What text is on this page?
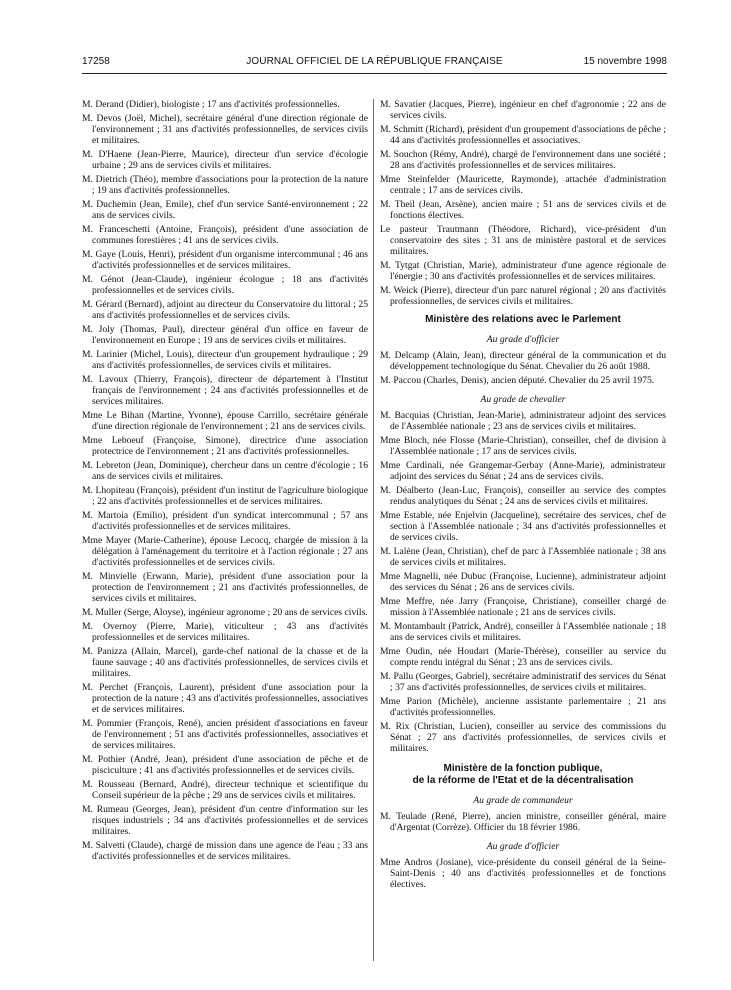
17258	JOURNAL OFFICIEL DE LA RÉPUBLIQUE FRANÇAISE	15 novembre 1998

M. Derand (Didier), biologiste ; 17 ans d'activités professionnelles.

M. Devos (Joël, Michel), secrétaire général d'une direction régionale de l'environnement ; 31 ans d'activités professionnelles, de services civils et militaires.

M. D'Haene (Jean-Pierre, Maurice), directeur d'un service d'écologie urbaine ; 29 ans de services civils et militaires.

M. Dietrich (Théo), membre d'associations pour la protection de la nature ; 19 ans d'activités professionnelles.

M. Duchemin (Jean, Emile), chef d'un service Santé-environnement ; 22 ans de services civils.

M. Franceschetti (Antoine, François), président d'une association de communes forestières ; 41 ans de services civils.

M. Gaye (Louis, Henri), président d'un organisme intercommunal ; 46 ans d'activités professionnelles et de services militaires.

M. Génot (Jean-Claude), ingénieur écologue ; 18 ans d'activités professionnelles et de services civils.

M. Gérard (Bernard), adjoint au directeur du Conservatoire du littoral ; 25 ans d'activités professionnelles et de services civils.

M. Joly (Thomas, Paul), directeur général d'un office en faveur de l'environnement en Europe ; 19 ans de services civils et militaires.

M. Larinier (Michel, Louis), directeur d'un groupement hydraulique ; 29 ans d'activités professionnelles, de services civils et militaires.

M. Lavoux (Thierry, François), directeur de département à l'Institut français de l'environnement ; 24 ans d'activités professionnelles et de services militaires.

Mme Le Bihan (Martine, Yvonne), épouse Carrillo, secrétaire générale d'une direction régionale de l'environnement ; 21 ans de services civils.

Mme Leboeuf (Françoise, Simone), directrice d'une association protectrice de l'environnement ; 21 ans d'activités professionnelles.

M. Lebreton (Jean, Dominique), chercheur dans un centre d'écologie ; 16 ans de services civils et militaires.

M. Lhopiteau (François), président d'un institut de l'agriculture biologique ; 22 ans d'activités professionnelles et de services militaires.

M. Martoia (Emilio), président d'un syndicat intercommunal ; 57 ans d'activités professionnelles et de services militaires.

Mme Mayer (Marie-Catherine), épouse Lecocq, chargée de mission à la délégation à l'aménagement du territoire et à l'action régionale ; 27 ans d'activités professionnelles et de services civils.

M. Minvielle (Erwann, Marie), président d'une association pour la protection de l'environnement ; 21 ans d'activités professionnelles, de services civils et militaires.

M. Muller (Serge, Aloyse), ingénieur agronome ; 20 ans de services civils.

M. Overnoy (Pierre, Marie), viticulteur ; 43 ans d'activités professionnelles et de services militaires.

M. Panizza (Allain, Marcel), garde-chef national de la chasse et de la faune sauvage ; 40 ans d'activités professionnelles, de services civils et militaires.

M. Perchet (François, Laurent), président d'une association pour la protection de la nature ; 43 ans d'activités professionnelles, associatives et de services militaires.

M. Pommier (François, René), ancien président d'associations en faveur de l'environnement ; 51 ans d'activités professionnelles, associatives et de services militaires.

M. Pothier (André, Jean), président d'une association de pêche et de pisciculture ; 41 ans d'activités professionnelles et de services civils.

M. Rousseau (Bernard, André), directeur technique et scientifique du Conseil supérieur de la pêche ; 29 ans de services civils et militaires.

M. Rumeau (Georges, Jean), président d'un centre d'information sur les risques industriels ; 34 ans d'activités professionnelles et de services militaires.

M. Salvetti (Claude), chargé de mission dans une agence de l'eau ; 33 ans d'activités professionnelles et de services militaires.

M. Savatier (Jacques, Pierre), ingénieur en chef d'agronomie ; 22 ans de services civils.

M. Schmitt (Richard), président d'un groupement d'associations de pêche ; 44 ans d'activités professionnelles et associatives.

M. Souchon (Rémy, André), chargé de l'environnement dans une société ; 28 ans d'activités professionnelles et de services militaires.

Mme Steinfelder (Mauricette, Raymonde), attachée d'administration centrale ; 17 ans de services civils.

M. Theil (Jean, Arsène), ancien maire ; 51 ans de services civils et de fonctions électives.

Le pasteur Trautmann (Théodore, Richard), vice-président d'un conservatoire des sites ; 31 ans de ministère pastoral et de services militaires.

M. Tytgat (Christian, Marie), administrateur d'une agence régionale de l'énergie ; 30 ans d'activités professionnelles et de services militaires.

M. Weick (Pierre), directeur d'un parc naturel régional ; 20 ans d'activités professionnelles, de services civils et militaires.

Ministère des relations avec le Parlement
Au grade d'officier

M. Delcamp (Alain, Jean), directeur général de la communication et du développement technologique du Sénat. Chevalier du 26 août 1988.

M. Paccou (Charles, Denis), ancien député. Chevalier du 25 avril 1975.

Au grade de chevalier

M. Bacquias (Christian, Jean-Marie), administrateur adjoint des services de l'Assemblée nationale ; 23 ans de services civils et militaires.

Mme Bloch, née Flosse (Marie-Christian), conseiller, chef de division à l'Assemblée nationale ; 17 ans de services civils.

Mme Cardinali, née Grangemar-Gerbay (Anne-Marie), administrateur adjoint des services du Sénat ; 24 ans de services civils.

M. Déalberto (Jean-Luc, François), conseiller au service des comptes rendus analytiques du Sénat ; 24 ans de services civils et militaires.

Mme Estable, née Enjelvin (Jacqueline), secrétaire des services, chef de section à l'Assemblée nationale ; 34 ans d'activités professionnelles et de services civils.

M. Lalène (Jean, Christian), chef de parc à l'Assemblée nationale ; 38 ans de services civils et militaires.

Mme Magnelli, née Dubuc (Françoise, Lucienne), administrateur adjoint des services du Sénat ; 26 ans de services civils.

Mme Meffre, née Jarry (Françoise, Christiane), conseiller chargé de mission à l'Assemblée nationale ; 21 ans de services civils.

M. Montambault (Patrick, André), conseiller à l'Assemblée nationale ; 18 ans de services civils et militaires.

Mme Oudin, née Houdart (Marie-Thérèse), conseiller au service du compte rendu intégral du Sénat ; 23 ans de services civils.

M. Pallu (Georges, Gabriel), secrétaire administratif des services du Sénat ; 37 ans d'activités professionnelles, de services civils et militaires.

Mme Parion (Michèle), ancienne assistante parlementaire ; 21 ans d'activités professionnelles.

M. Rix (Christian, Lucien), conseiller au service des commissions du Sénat ; 27 ans d'activités professionnelles, de services civils et militaires.

Ministère de la fonction publique,
de la réforme de l'Etat et de la décentralisation
Au grade de commandeur

M. Teulade (René, Pierre), ancien ministre, conseiller général, maire d'Argentat (Corrèze). Officier du 18 février 1986.

Au grade d'officier

Mme Andros (Josiane), vice-présidente du conseil général de la Seine-Saint-Denis ; 40 ans d'activités professionnelles et de fonctions électives.
